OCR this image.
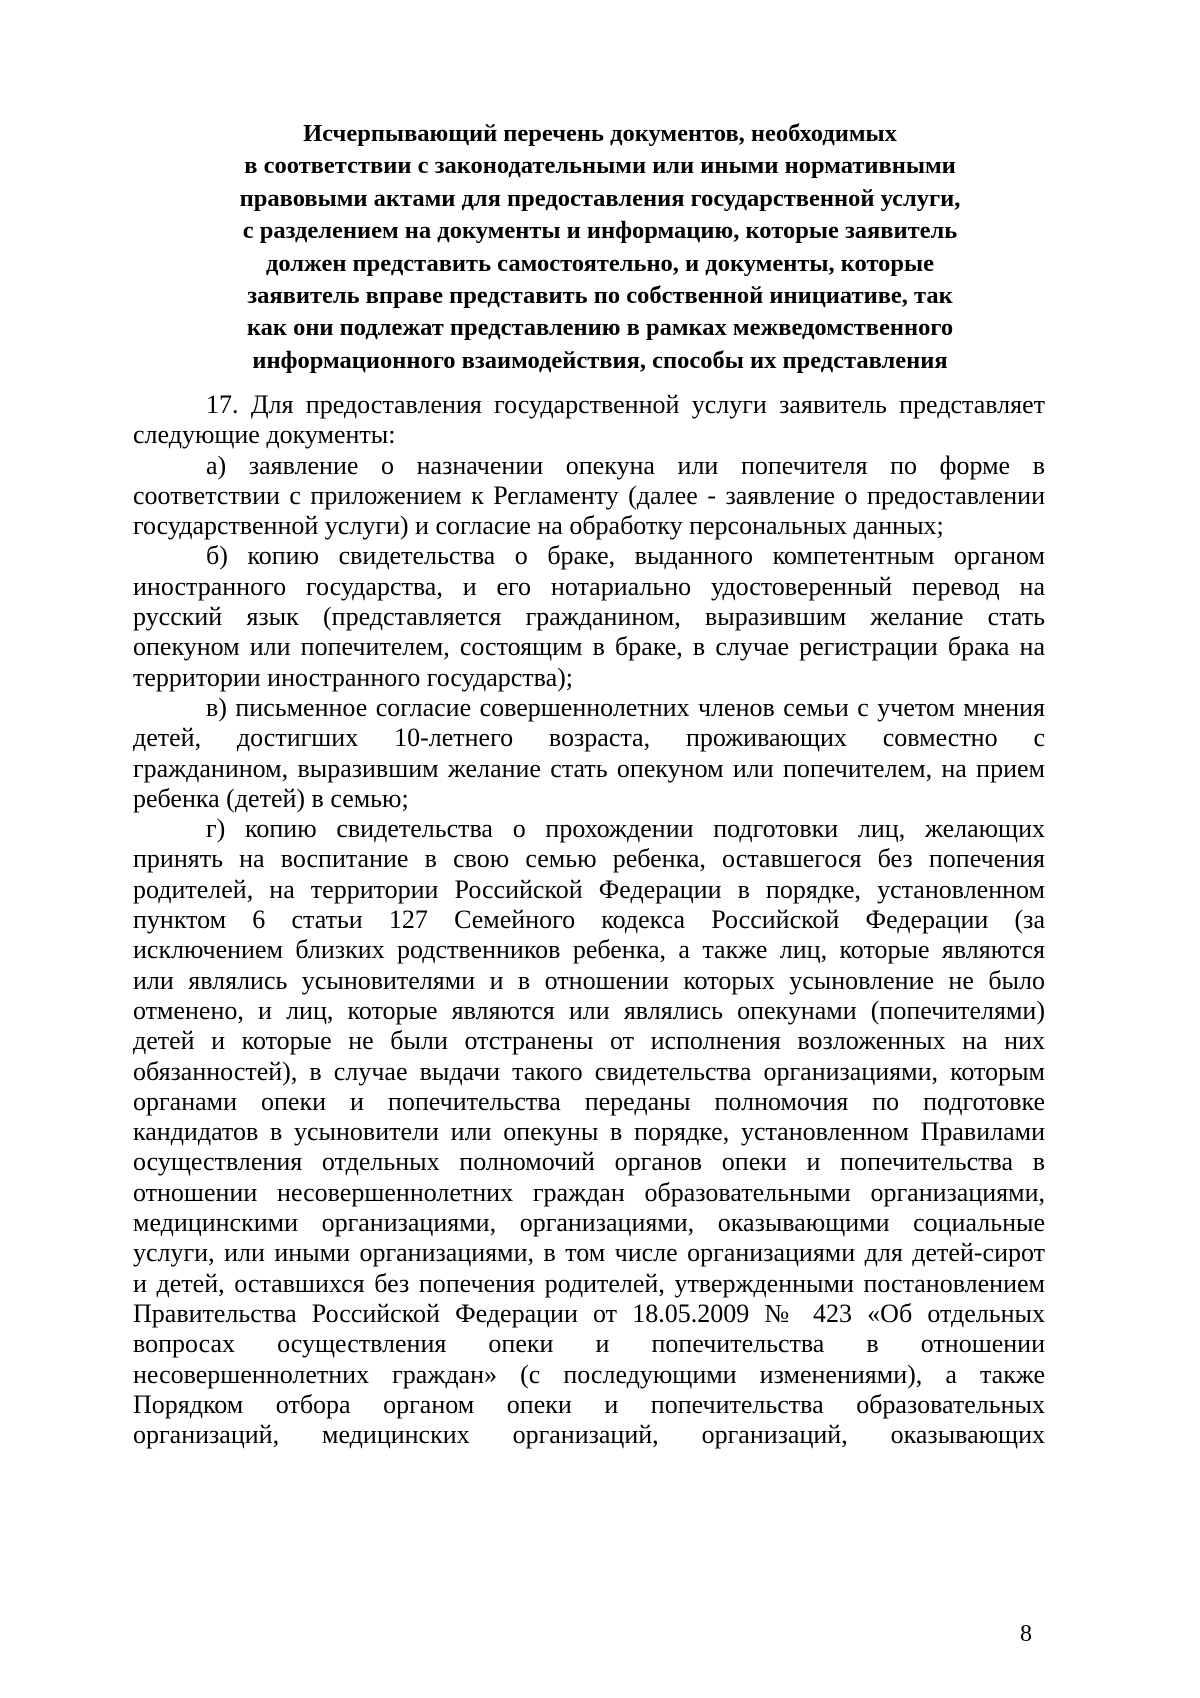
Исчерпывающий перечень документов, необходимых
в соответствии с законодательными или иными нормативными
правовыми актами для предоставления государственной услуги,
с разделением на документы и информацию, которые заявитель
должен представить самостоятельно, и документы, которые
заявитель вправе представить по собственной инициативе, так
как они подлежат представлению в рамках межведомственного
информационного взаимодействия, способы их представления

17. Для предоставления государственной услуги заявитель представляет
следующие документы:

а) заявление о назначении опекуна или попечителя по форме в
соответствии с приложением к Регламенту (далее - заявление о предоставлении
государственной услуги) и согласие на обработку персональных данных;

б) копию свидетельства о браке, выданного компетентным органом
иностранного государства, и его нотариально удостоверенный перевод на
русский язык (представляется гражданином, выразившим желание стать
опекуном или попечителем, состоящим в браке, в случае регистрации брака на
территории иностранного государства);

в) письменное согласие совершеннолетних членов семьи с учетом мнения
детей, достигших 10-летнего возраста, проживающих совместно с
гражданином, выразившим желание стать опекуном или попечителем, на прием
ребенка (детей) в семью;

г) копию свидетельства о прохождении подготовки лиц, желающих
принять на воспитание в свою семью ребенка, оставшегося без попечения
родителей, на территории Российской Федерации в порядке, установленном
пунктом 6 статьи 127 Семейного кодекса Российской Федерации (за
исключением близких родственников ребенка, а также лиц, которые являются
или являлись усыновителями и в отношении которых усыновление не было
отменено, и лиц, которые являются или являлись опекунами (попечителями)
детей и которые не были отстранены от исполнения возложенных на них
обязанностей), в случае выдачи такого свидетельства организациями, которым
органами опеки и попечительства переданы полномочия по подготовке
кандидатов в усыновители или опекуны в порядке, установленном Правилами
осуществления отдельных полномочий органов опеки и попечительства в
отношении несовершеннолетних граждан образовательными организациями,
медицинскими организациями, организациями, оказывающими социальные
услуги, или иными организациями, в том числе организациями для детей-сирот
и детей, оставшихся без попечения родителей, утвержденными постановлением
Правительства Российской Федерации от 18.05.2009 № 423 «Об отдельных
вопросах осуществления опеки и попечительства в отношении
несовершеннолетних граждан» (с последующими изменениями), а также
Порядком отбора органом опеки и попечительства образовательных
организаций, медицинских организаций, организаций, оказывающих

8
